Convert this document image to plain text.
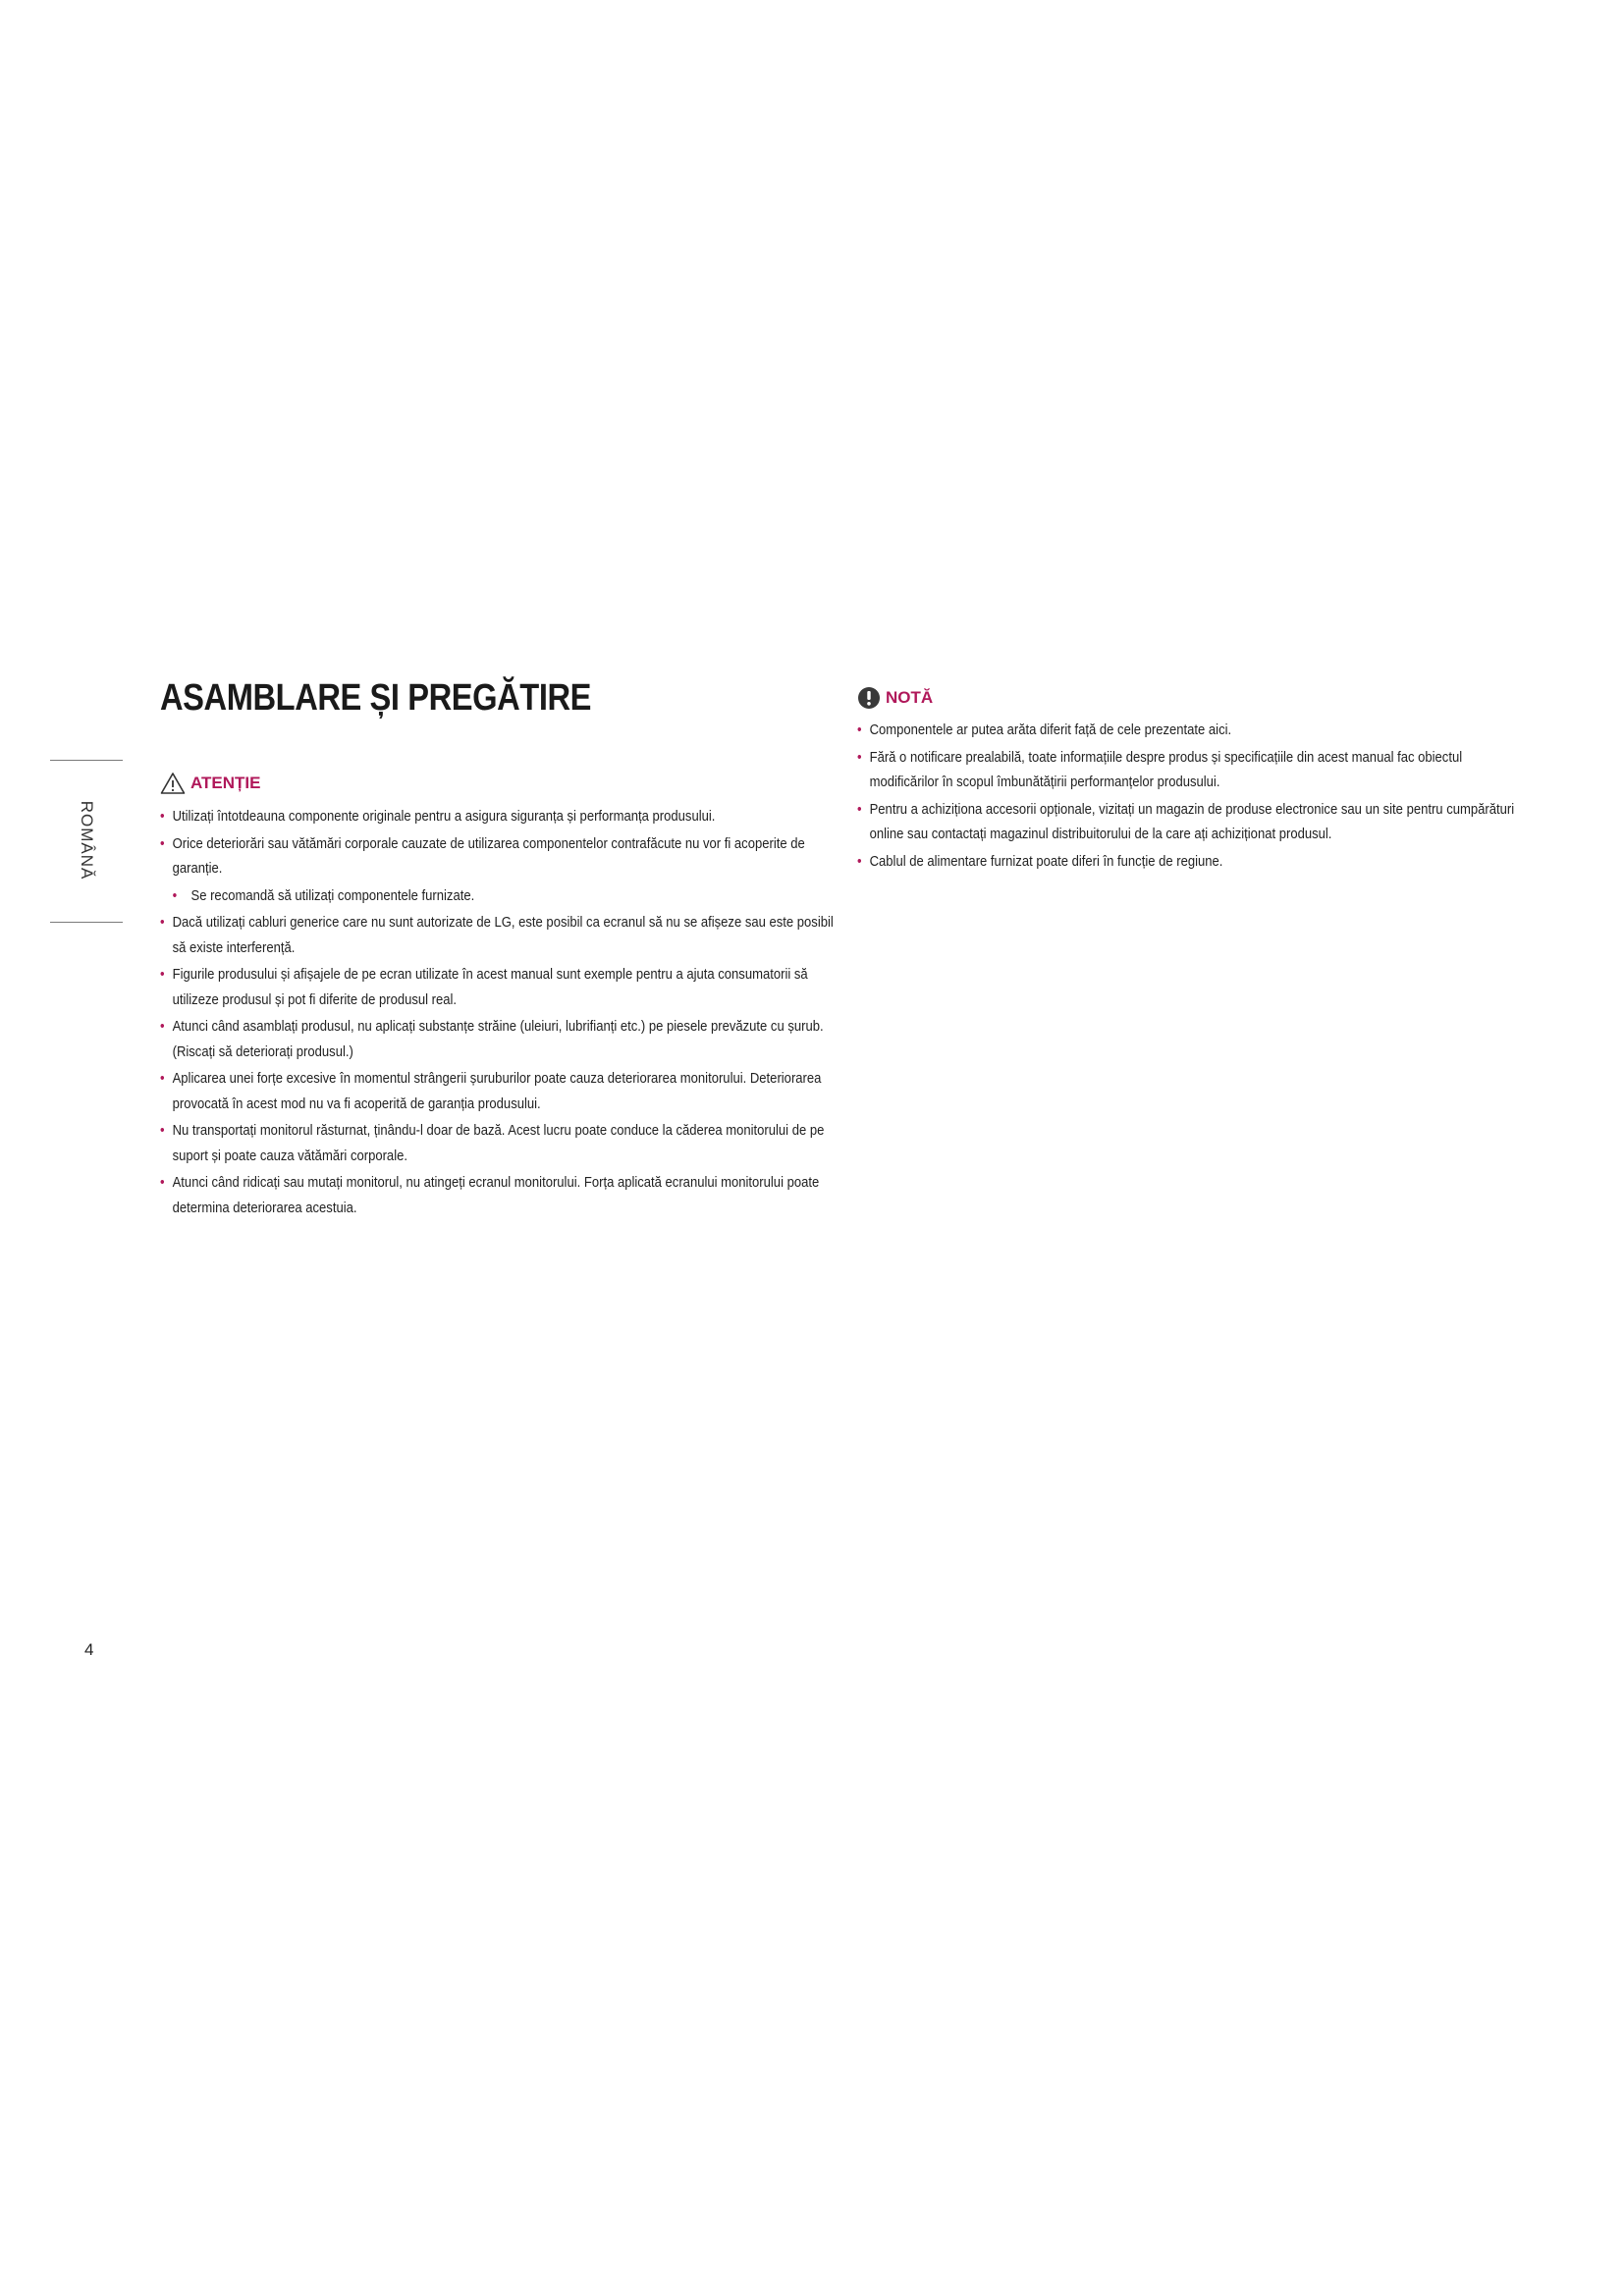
ROMÂNĂ
ASAMBLARE ȘI PREGĂTIRE
ATENȚIE
• Utilizați întotdeauna componente originale pentru a asigura siguranța și performanța produsului.
• Orice deteriorări sau vătămări corporale cauzate de utilizarea componentelor contrafăcute nu vor fi acoperite de garanție.
• Se recomandă să utilizați componentele furnizate.
• Dacă utilizați cabluri generice care nu sunt autorizate de LG, este posibil ca ecranul să nu se afișeze sau este posibil să existe interferență.
• Figurile produsului și afișajele de pe ecran utilizate în acest manual sunt exemple pentru a ajuta consumatorii să utilizeze produsul și pot fi diferite de produsul real.
• Atunci când asamblați produsul, nu aplicați substanțe străine (uleiuri, lubrifianți etc.) pe piesele prevăzute cu șurub. (Riscați să deteriorați produsul.)
• Aplicarea unei forțe excesive în momentul strângerii șuruburilor poate cauza deteriorarea monitorului. Deteriorarea provocată în acest mod nu va fi acoperită de garanția produsului.
• Nu transportați monitorul răsturnat, ținându-l doar de bază. Acest lucru poate conduce la căderea monitorului de pe suport și poate cauza vătămări corporale.
• Atunci când ridicați sau mutați monitorul, nu atingeți ecranul monitorului. Forța aplicată ecranului monitorului poate determina deteriorarea acestuia.
NOTĂ
• Componentele ar putea arăta diferit față de cele prezentate aici.
• Fără o notificare prealabilă, toate informațiile despre produs și specificațiile din acest manual fac obiectul modificărilor în scopul îmbunătățirii performanțelor produsului.
• Pentru a achiziționa accesorii opționale, vizitați un magazin de produse electronice sau un site pentru cumpărături online sau contactați magazinul distribuitorului de la care ați achiziționat produsul.
• Cablul de alimentare furnizat poate diferi în funcție de regiune.
4
